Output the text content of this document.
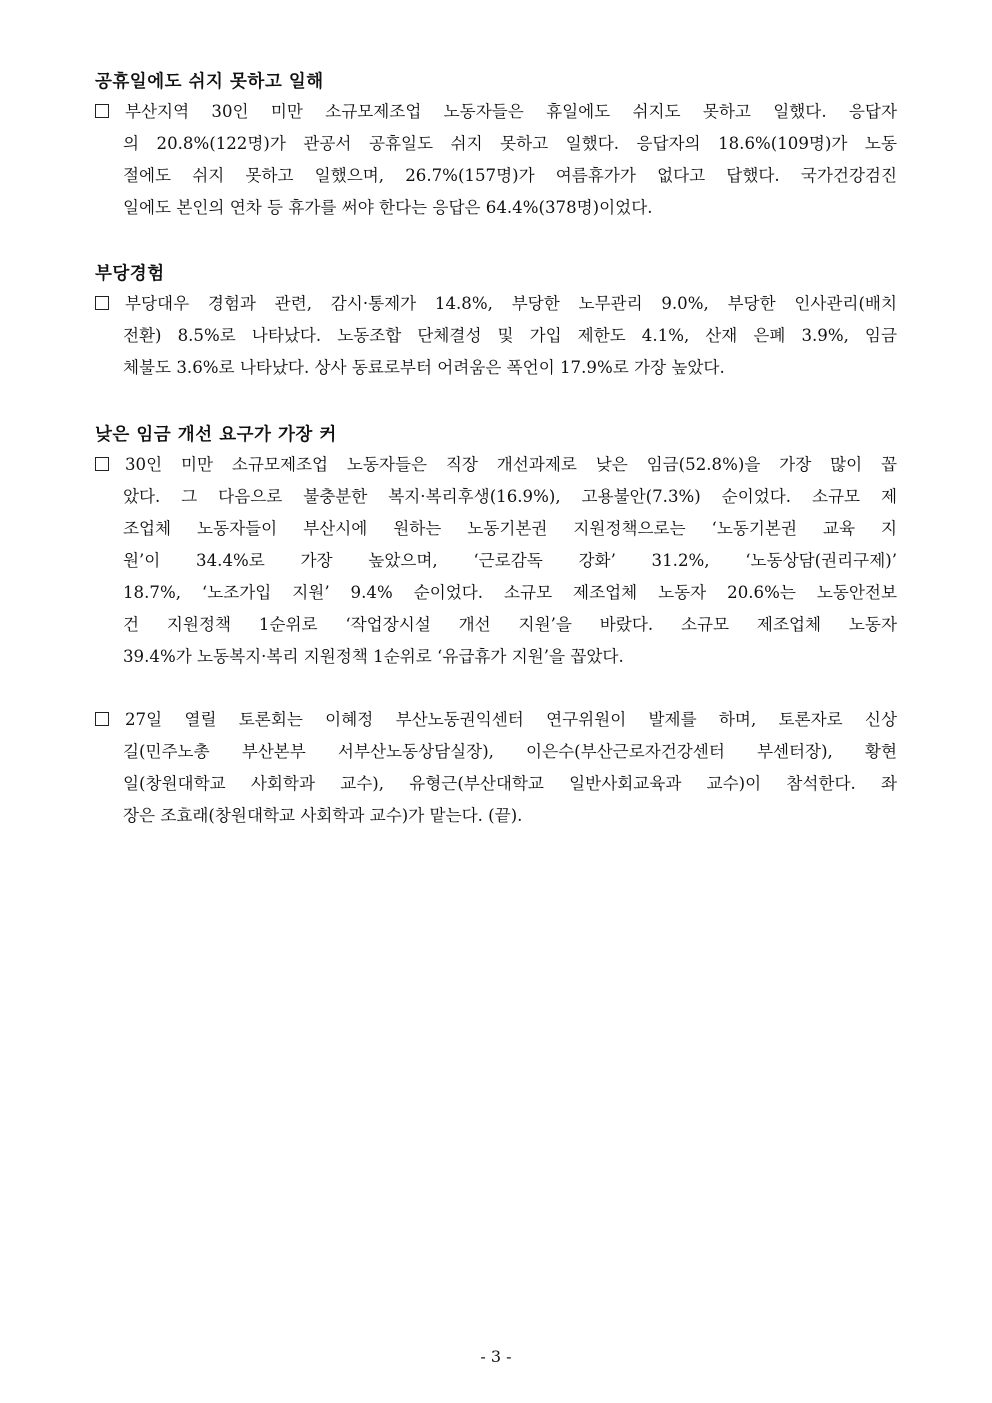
공휴일에도 쉬지 못하고 일해
부산지역 30인 미만 소규모제조업 노동자들은 휴일에도 쉬지도 못하고 일했다. 응답자
의 20.8%(122명)가 관공서 공휴일도 쉬지 못하고 일했다. 응답자의 18.6%(109명)가 노동
절에도 쉬지 못하고 일했으며, 26.7%(157명)가 여름휴가가 없다고 답했다. 국가건강검진
일에도 본인의 연차 등 휴가를 써야 한다는 응답은 64.4%(378명)이었다.
부당경험
부당대우 경험과 관련, 감시·통제가 14.8%, 부당한 노무관리 9.0%, 부당한 인사관리(배치
전환) 8.5%로 나타났다. 노동조합 단체결성 및 가입 제한도 4.1%, 산재 은폐 3.9%, 임금
체불도 3.6%로 나타났다. 상사 동료로부터 어려움은 폭언이 17.9%로 가장 높았다.
낮은 임금 개선 요구가 가장 커
30인 미만 소규모제조업 노동자들은 직장 개선과제로 낮은 임금(52.8%)을 가장 많이 꼽
았다. 그 다음으로 불충분한 복지·복리후생(16.9%), 고용불안(7.3%) 순이었다. 소규모 제
조업체 노동자들이 부산시에 원하는 노동기본권 지원정책으로는 ‘노동기본권 교육 지
원’이 34.4%로 가장 높았으며, ‘근로감독 강화’ 31.2%, ‘노동상담(권리구제)’
18.7%, ‘노조가입 지원’ 9.4% 순이었다. 소규모 제조업체 노동자 20.6%는 노동안전보
건 지원정책 1순위로 ‘작업장시설 개선 지원’을 바랐다. 소규모 제조업체 노동자
39.4%가 노동복지·복리 지원정책 1순위로 ‘유급휴가 지원’을 꼽았다.
27일 열릴 토론회는 이혜정 부산노동권익센터 연구위원이 발제를 하며, 토론자로 신상
길(민주노총 부산본부 서부산노동상담실장), 이은수(부산근로자건강센터 부센터장), 황현
일(창원대학교 사회학과 교수), 유형근(부산대학교 일반사회교육과 교수)이 참석한다. 좌
장은 조효래(창원대학교 사회학과 교수)가 맡는다. (끝).
- 3 -
